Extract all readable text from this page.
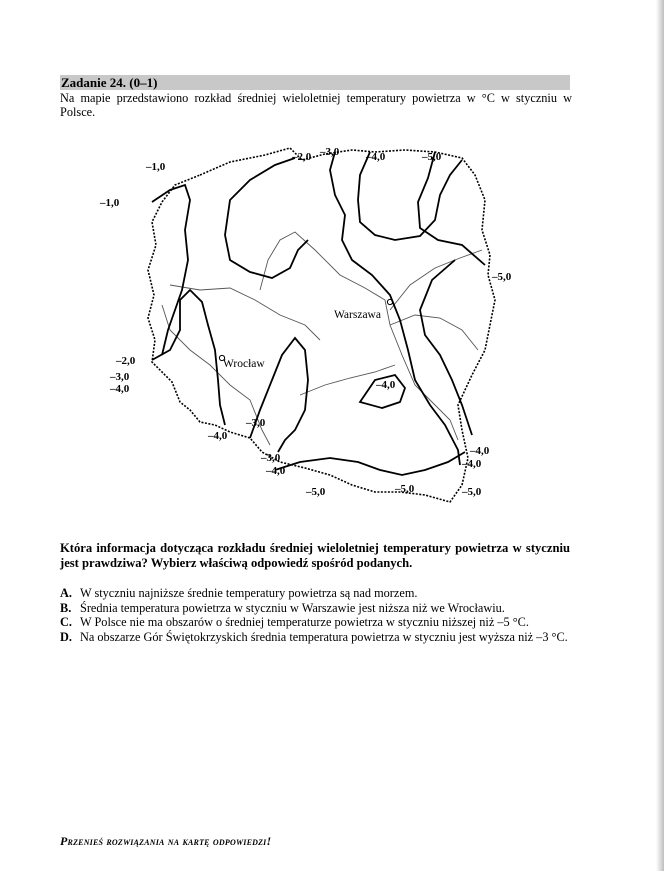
Zadanie 24. (0–1)
Na mapie przedstawiono rozkład średniej wieloletniej temperatury powietrza w °C w styczniu w Polsce.
Warszawa
Wrocław
–1,0
–1,0
–2,0 –3,0 –4,0	–5,0
–5,0
–2,0
–3,0
–4,0
–4,0
–3,0
–4,0
–3,0
–4,0
–5,0	–5,0
–4,0
–4,0
–5,0
Która informacja dotycząca rozkładu średniej wieloletniej temperatury powietrza w styczniu jest prawdziwa? Wybierz właściwą odpowiedź spośród podanych.
A. W styczniu najniższe średnie temperatury powietrza są nad morzem.
B. Średnia temperatura powietrza w styczniu w Warszawie jest niższa niż we Wrocławiu.
C. W Polsce nie ma obszarów o średniej temperaturze powietrza w styczniu niższej niż –5 °C.
D. Na obszarze Gór Świętokrzyskich średnia temperatura powietrza w styczniu jest wyższa niż –3 °C.
Przenieś rozwiązania na kartę odpowiedzi!
